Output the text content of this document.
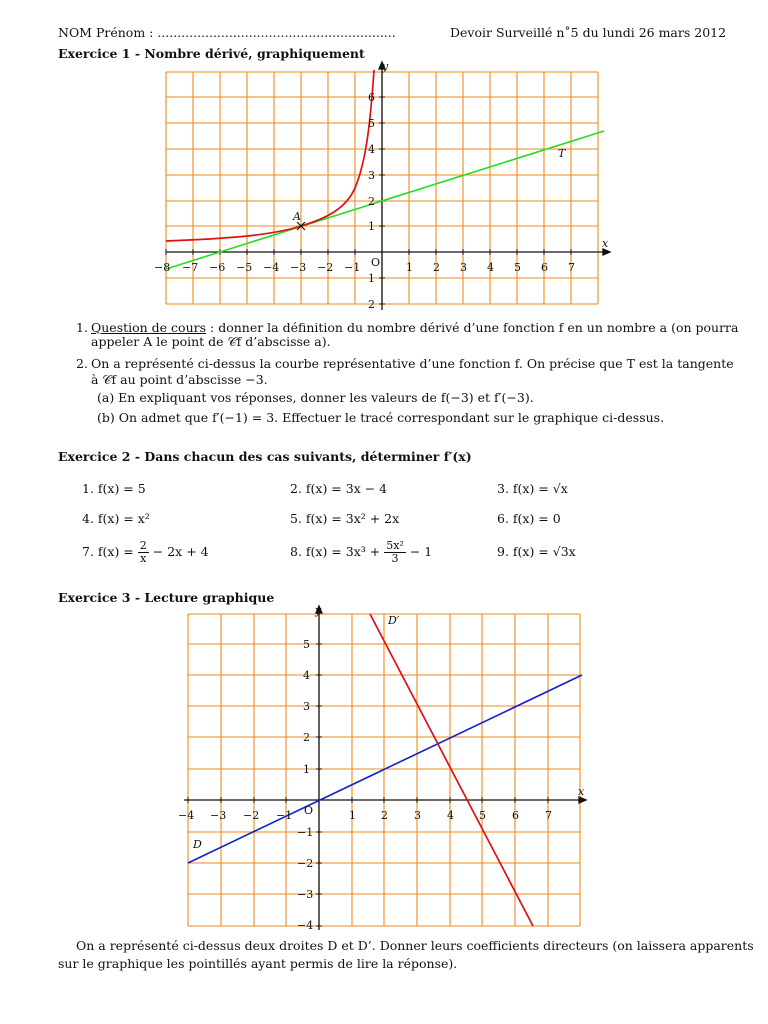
NOM Prénom : ............................................................	Devoir Surveillé n˚5 du lundi 26 mars 2012
Exercice 1 - Nombre dérivé, graphiquement
−8 −7 −6 −5 −4 −3 −2 −1	1 2 3 4 5 6 7
6
5
4
3
2
1
1
2
O
x
y
A
T
1. Question de cours : donner la définition du nombre dérivé d’une fonction f en un nombre a (on pourra
appeler A le point de 𝒞f d’abscisse a).
2. On a représenté ci-dessus la courbe représentative d’une fonction f. On précise que T est la tangente
à 𝒞f au point d’abscisse −3.
(a) En expliquant vos réponses, donner les valeurs de f(−3) et f′(−3).
(b) On admet que f′(−1) = 3. Effectuer le tracé correspondant sur le graphique ci-dessus.
Exercice 2 - Dans chacun des cas suivants, déterminer f′(x)
1. f(x) = 5	2. f(x) = 3x − 4	3. f(x) = √x
4. f(x) = x²	5. f(x) = 3x² + 2x	6. f(x) = 0
7. $f(x) = \frac{2}{x} - 2x + 4$	8. $f(x) = 3x^3 + \frac{\text{5x²}}{3} - 1$	9. f(x) = √3x
Exercice 3 - Lecture graphique
−4 −3 −2 −1	1 2 3 4 5 6 7
5
4
3
2
1
−1
−2
−3
−4
O
x
y
D
D′
On a représenté ci-dessus deux droites D et D’. Donner leurs coefficients directeurs (on laissera apparents
sur le graphique les pointillés ayant permis de lire la réponse).
